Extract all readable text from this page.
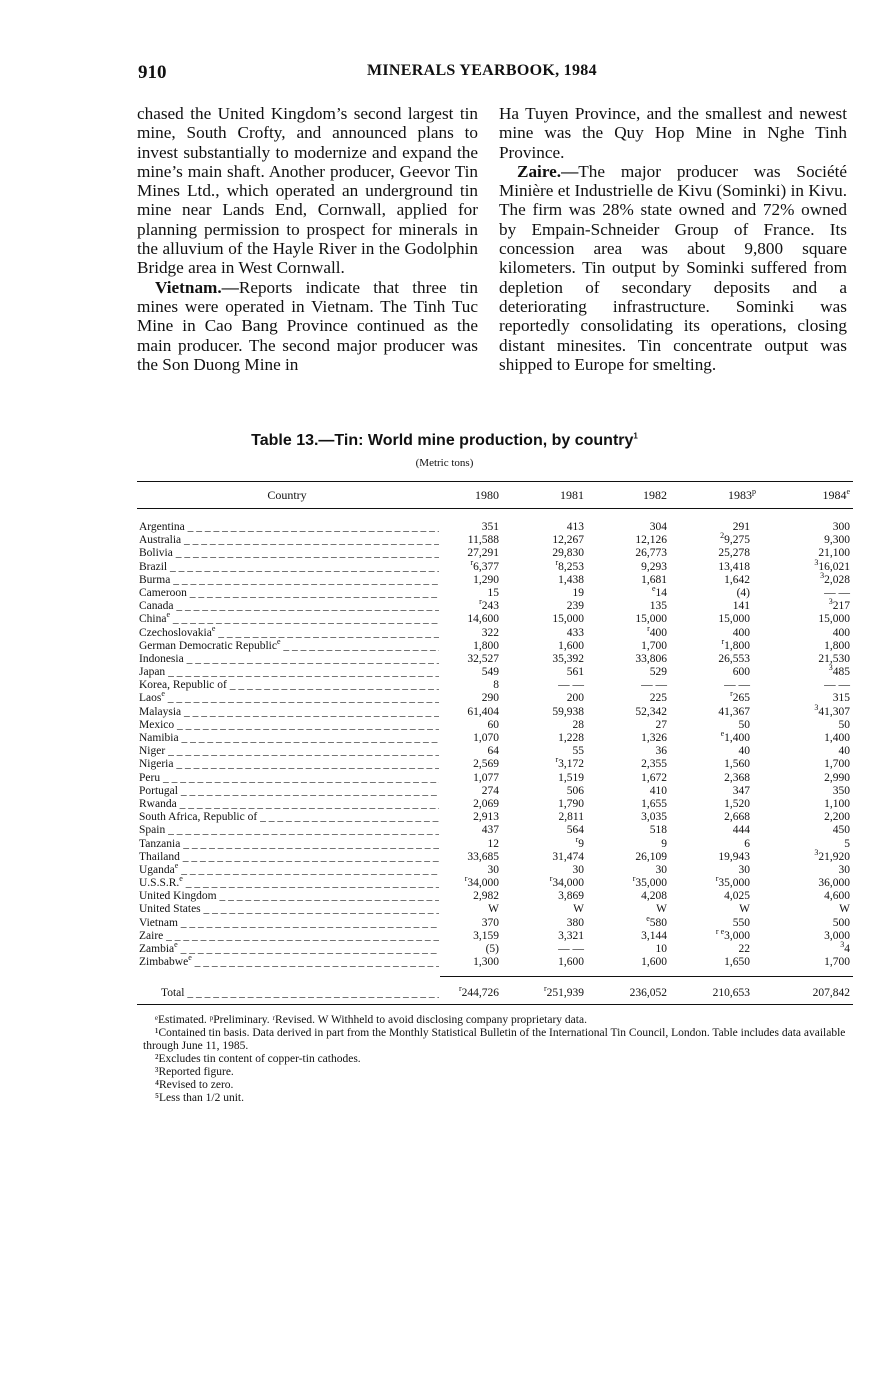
910	MINERALS YEARBOOK, 1984

chased the United Kingdom’s second largest tin mine, South Crofty, and announced plans to invest substantially to modernize and expand the mine’s main shaft. Another producer, Geevor Tin Mines Ltd., which operated an underground tin mine near Lands End, Cornwall, applied for planning permission to prospect for minerals in the alluvium of the Hayle River in the Godolphin Bridge area in West Cornwall.

Vietnam.—Reports indicate that three tin mines were operated in Vietnam. The Tinh Tuc Mine in Cao Bang Province continued as the main producer. The second major producer was the Son Duong Mine in

Ha Tuyen Province, and the smallest and newest mine was the Quy Hop Mine in Nghe Tinh Province.

Zaire.—The major producer was Société Minière et Industrielle de Kivu (Sominki) in Kivu. The firm was 28% state owned and 72% owned by Empain-Schneider Group of France. Its concession area was about 9,800 square kilometers. Tin output by Sominki suffered from depletion of secondary deposits and a deteriorating infrastructure. Sominki was reportedly consolidating its operations, closing distant minesites. Tin concentrate output was shipped to Europe for smelting.

Table 13.—Tin: World mine production, by country$^1$
(Metric tons)
Country	1980	1981	1982	1983$^p$	1984e
Argentina _ _ _	351	413	304	291	300
Australia _ _ _	11,588	12,267	12,126	$^2$9,275	9,300
Bolivia _ _ _	27,291	29,830	26,773	25,278	21,100
Brazil _ _ _	$^r$6,377	$^r$8,253	9,293	13,418	$^3$16,021
Burma _ _ _	1,290	1,438	1,681	1,642	$^3$2,028
Cameroon _ _ _	15	19	$^e$14	(4)	— —
Canada _ _ _	$^r$243	239	135	141	$^3$217
China$^e$ _ _ _	14,600	15,000	15,000	15,000	15,000
Czechoslovakia$^e$ _ _ _	322	433	$^r$400	400	400
German Democratic Republic$^e$ _ _ _	1,800	1,600	1,700	$^r$1,800	1,800
Indonesia _ _ _	32,527	35,392	33,806	26,553	21,530
Japan _ _ _	549	561	529	600	$^3$485
Korea, Republic of _ _ _	8	— —	— —	— —	— —
Laos$^e$ _ _ _	290	200	225	$^r$265	315
Malaysia _ _ _	61,404	59,938	52,342	41,367	$^3$41,307
Mexico _ _ _	60	28	27	50	50
Namibia _ _ _	1,070	1,228	1,326	$^e$1,400	1,400
Niger _ _ _	64	55	36	40	40
Nigeria _ _ _	2,569	$^r$3,172	2,355	1,560	1,700
Peru _ _ _	1,077	1,519	1,672	2,368	2,990
Portugal _ _ _	274	506	410	347	350
Rwanda _ _ _	2,069	1,790	1,655	1,520	1,100
South Africa, Republic of _ _ _	2,913	2,811	3,035	2,668	2,200
Spain _ _ _	437	564	518	444	450
Tanzania _ _ _	12	$^r$9	9	6	5
Thailand _ _ _	33,685	31,474	26,109	19,943	$^3$21,920
Uganda$^e$ _ _ _	30	30	30	30	30
U.S.S.R.$^e$ _ _ _	$^r$34,000	$^r$34,000	$^r$35,000	$^r$35,000	36,000
United Kingdom _ _ _	2,982	3,869	4,208	4,025	4,600
United States _ _ _	W	W	W	W	W
Vietnam _ _ _	370	380	$^e$580	550	500
Zaire _ _ _	3,159	3,321	3,144	$^{r e}$3,000	3,000
Zambia$^e$ _ _ _	(5)	— —	10	22	$^3$4
Zimbabwe$^e$ _ _ _	1,300	1,600	1,600	1,650	1,700
Total _ _ _	$^r$244,726	$^r$251,939	236,052	210,653	207,842
ᵉEstimated. ᵖPreliminary. ʳRevised. W Withheld to avoid disclosing company proprietary data.
¹Contained tin basis. Data derived in part from the Monthly Statistical Bulletin of the International Tin Council, London. Table includes data available through June 11, 1985.
²Excludes tin content of copper-tin cathodes.
³Reported figure.
⁴Revised to zero.
⁵Less than 1/2 unit.
